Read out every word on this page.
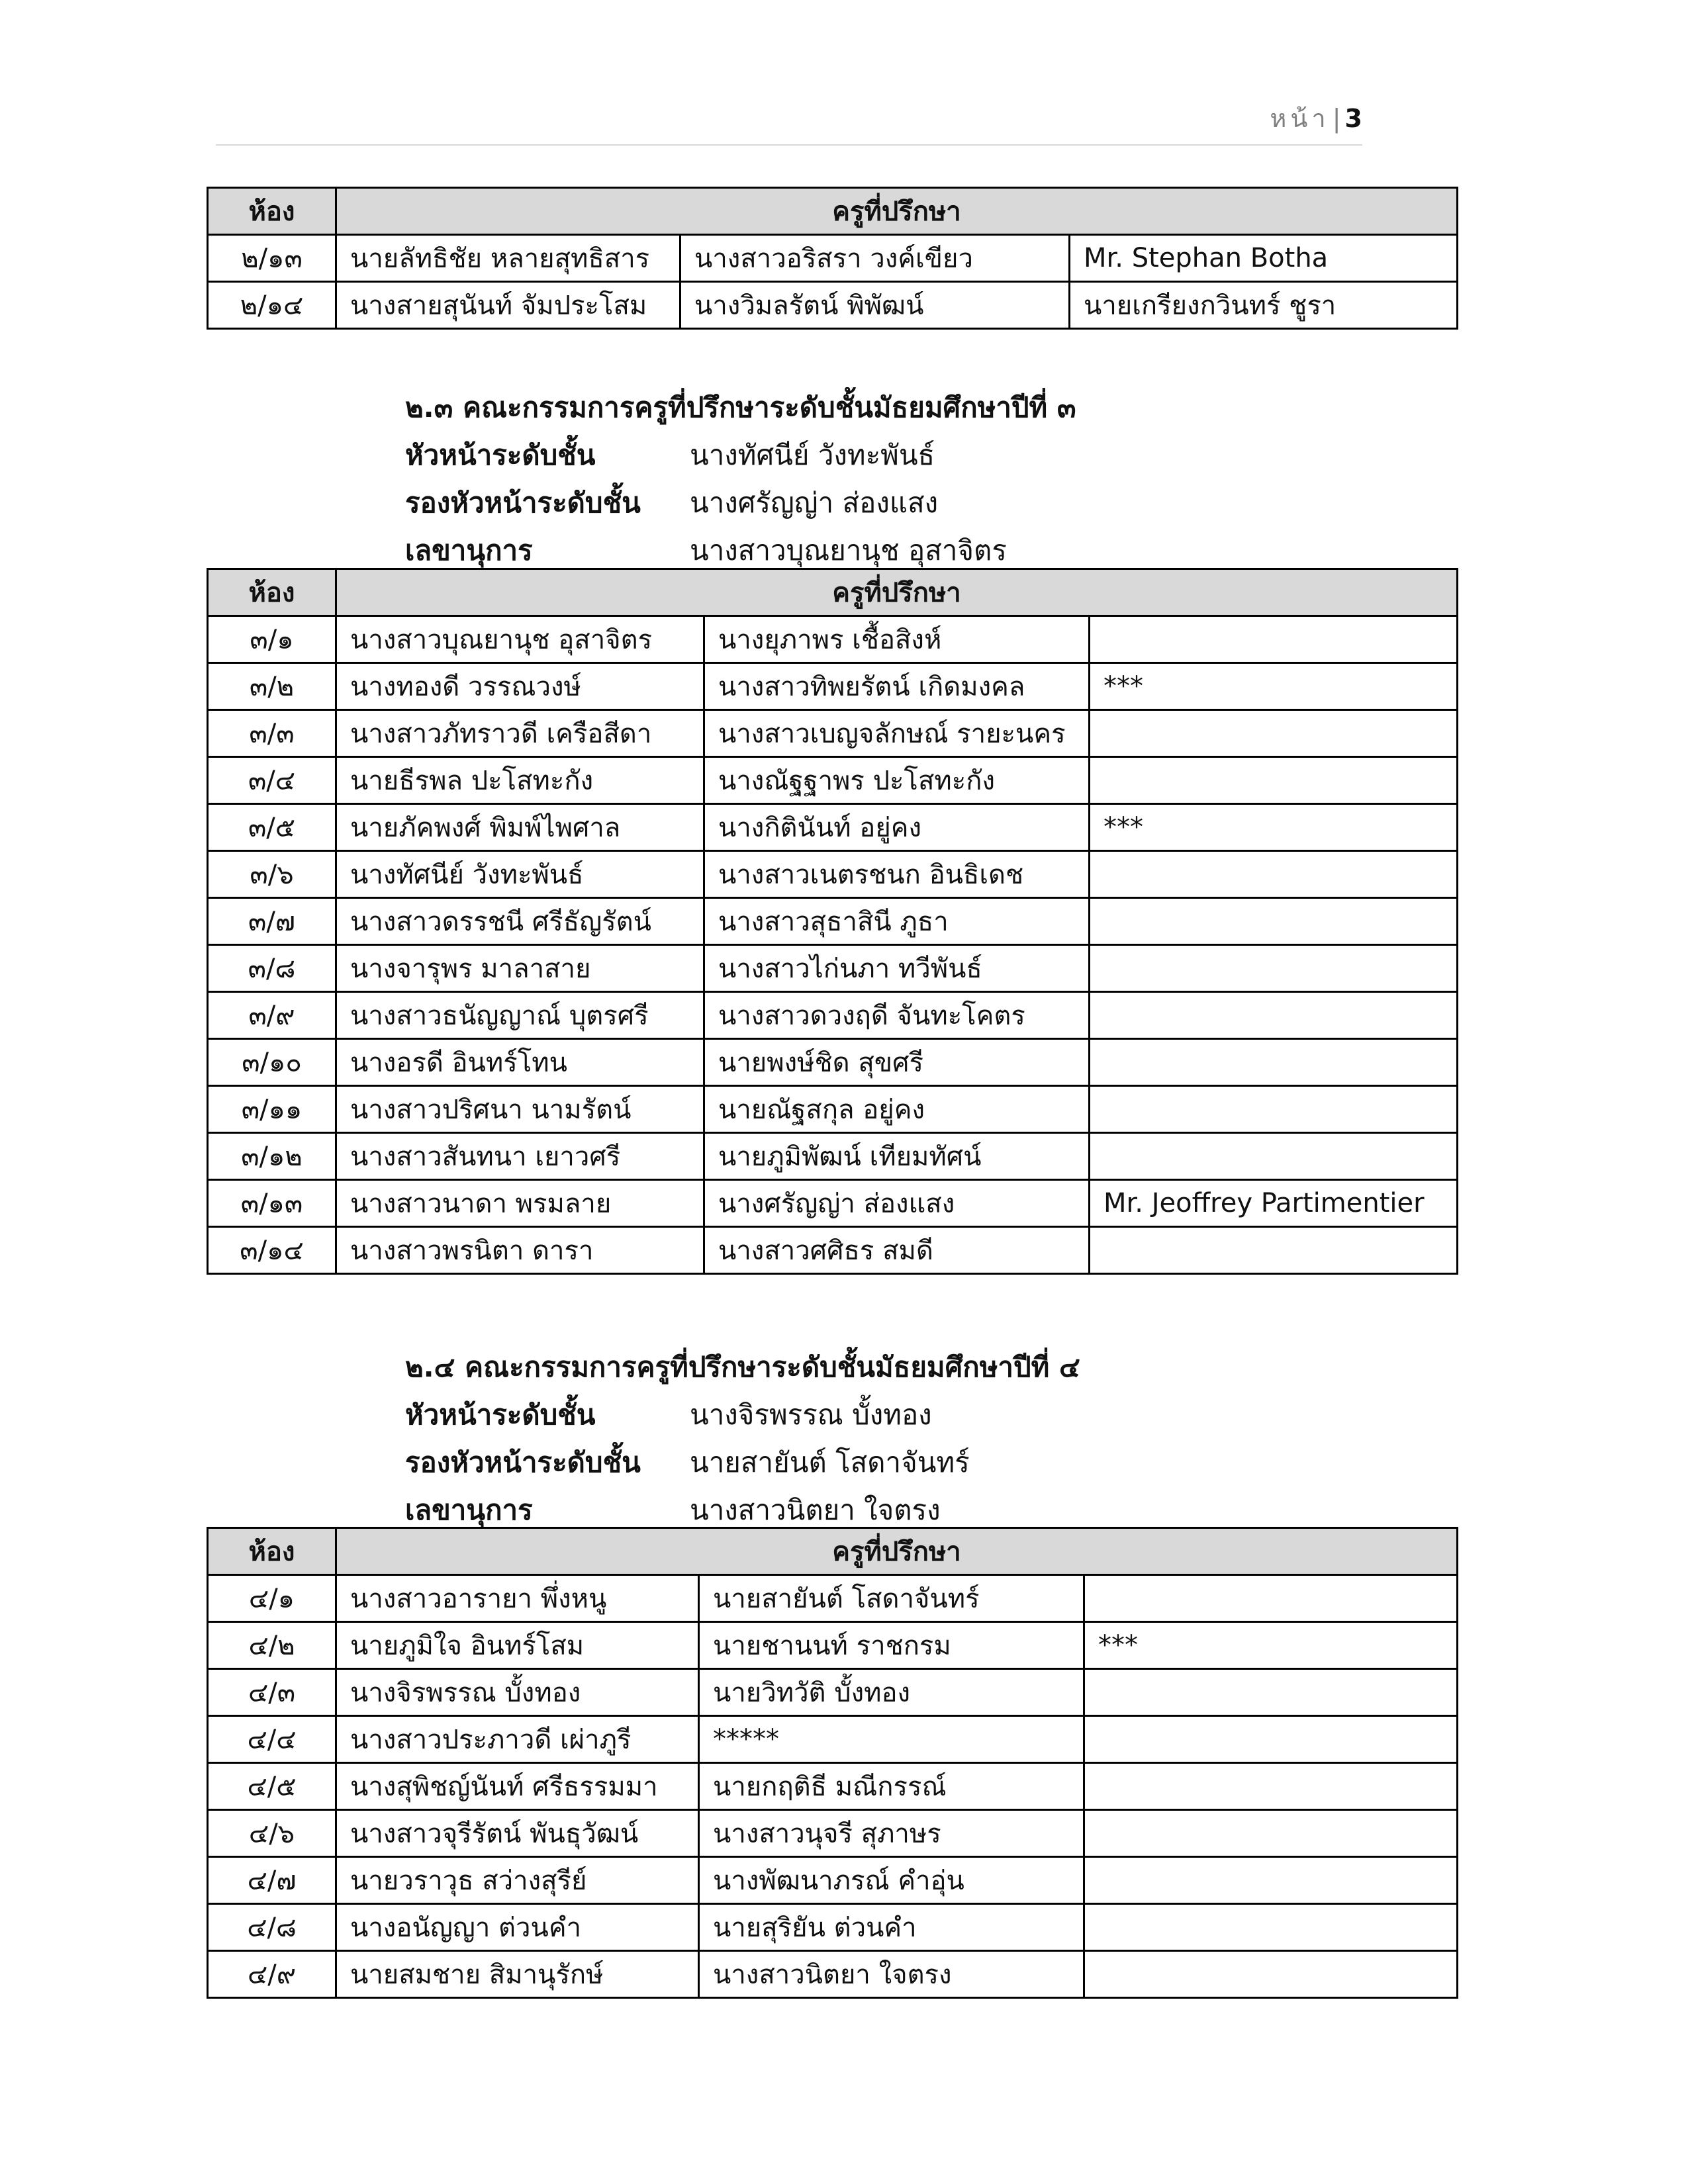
หน้า | 3
ห้อง	ครูที่ปรึกษา		
๒/๑๓	นายลัทธิชัย หลายสุทธิสาร	นางสาวอริสรา วงค์เขียว	Mr. Stephan Botha
๒/๑๔	นางสายสุนันท์ จัมประโสม	นางวิมลรัตน์ พิพัฒน์	นายเกรียงกวินทร์ ชูรา
๒.๓ คณะกรรมการครูที่ปรึกษาระดับชั้นมัธยมศึกษาปีที่ ๓
หัวหน้าระดับชั้น	นางทัศนีย์ วังทะพันธ์
รองหัวหน้าระดับชั้น	นางศรัญญ่า ส่องแสง
เลขานุการ	นางสาวบุณยานุช อุสาจิตร
ห้อง	ครูที่ปรึกษา		
๓/๑	นางสาวบุณยานุช อุสาจิตร	นางยุภาพร เชื้อสิงห์	
๓/๒	นางทองดี วรรณวงษ์	นางสาวทิพยรัตน์ เกิดมงคล	***
๓/๓	นางสาวภัทราวดี เครือสีดา	นางสาวเบญจลักษณ์ รายะนคร	
๓/๔	นายธีรพล ปะโสทะกัง	นางณัฐฐาพร ปะโสทะกัง	
๓/๕	นายภัคพงศ์ พิมพ์ไพศาล	นางกิตินันท์ อยู่คง	***
๓/๖	นางทัศนีย์ วังทะพันธ์	นางสาวเนตรชนก อินธิเดช	
๓/๗	นางสาวดรรชนี ศรีธัญรัตน์	นางสาวสุธาสินี ภูธา	
๓/๘	นางจารุพร มาลาสาย	นางสาวไก่นภา ทวีพันธ์	
๓/๙	นางสาวธนัญญาณ์ บุตรศรี	นางสาวดวงฤดี จันทะโคตร	
๓/๑๐	นางอรดี อินทร์โทน	นายพงษ์ชิด สุขศรี	
๓/๑๑	นางสาวปริศนา นามรัตน์	นายณัฐสกุล อยู่คง	
๓/๑๒	นางสาวสันทนา เยาวศรี	นายภูมิพัฒน์ เทียมทัศน์	
๓/๑๓	นางสาวนาดา พรมลาย	นางศรัญญ่า ส่องแสง	Mr. Jeoffrey Partimentier
๓/๑๔	นางสาวพรนิตา ดารา	นางสาวศศิธร สมดี	
๒.๔ คณะกรรมการครูที่ปรึกษาระดับชั้นมัธยมศึกษาปีที่ ๔
หัวหน้าระดับชั้น	นางจิรพรรณ บั้งทอง
รองหัวหน้าระดับชั้น	นายสายันต์ โสดาจันทร์
เลขานุการ	นางสาวนิตยา ใจตรง
ห้อง	ครูที่ปรึกษา		
๔/๑	นางสาวอารายา พึ่งหนู	นายสายันต์ โสดาจันทร์	
๔/๒	นายภูมิใจ อินทร์โสม	นายชานนท์ ราชกรม	***
๔/๓	นางจิรพรรณ บั้งทอง	นายวิทวัติ บั้งทอง	
๔/๔	นางสาวประภาวดี เผ่าภูรี	*****	
๔/๕	นางสุพิชญ์นันท์ ศรีธรรมมา	นายกฤติธี มณีกรรณ์	
๔/๖	นางสาวจุรีรัตน์ พันธุวัฒน์	นางสาวนุจรี สุภาษร	
๔/๗	นายวราวุธ สว่างสุรีย์	นางพัฒนาภรณ์ คำอุ่น	
๔/๘	นางอนัญญา ต่วนคำ	นายสุริยัน ต่วนคำ	
๔/๙	นายสมชาย สิมานุรักษ์	นางสาวนิตยา ใจตรง	
